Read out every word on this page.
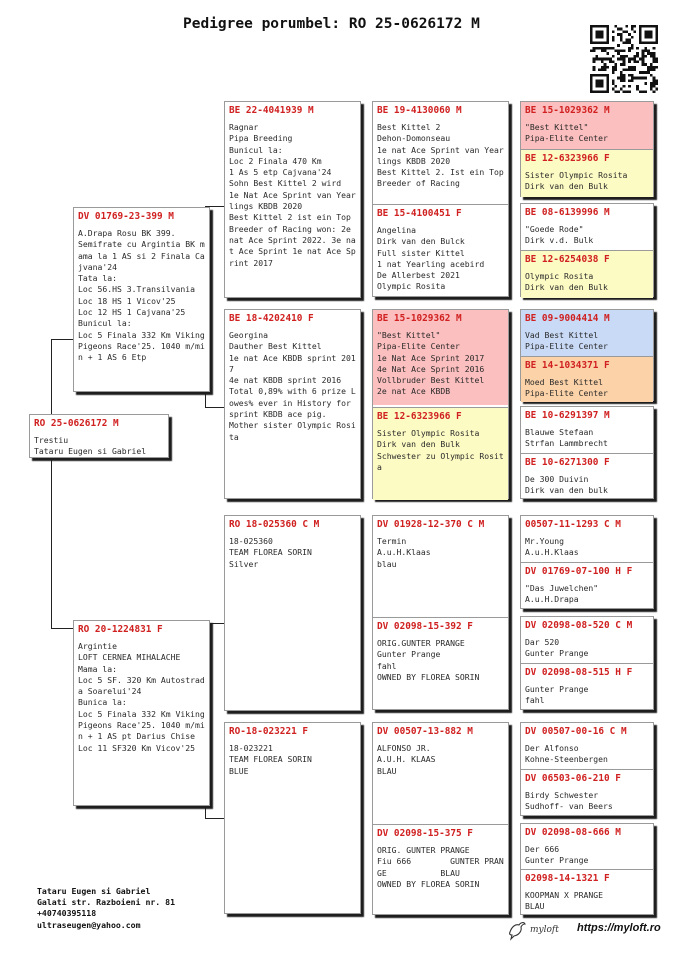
Pedigree porumbel: RO 25-0626172 M
RO 25-0626172 M
Trestiu
Tataru Eugen si Gabriel
DV 01769-23-399 M
A.Drapa Rosu BK 399.
Semifrate cu Argintia BK mama la 1 AS si 2 Finala Cajvana'24
Tata la:
Loc 56.HS 3.Transilvania
Loc 18 HS 1 Vicov'25
Loc 12 HS 1 Cajvana'25
Bunicul la:
Loc 5 Finala 332 Km Viking Pigeons Race'25. 1040 m/min + 1 AS 6 Etp
RO 20-1224831 F
Argintie
LOFT CERNEA MIHALACHE
Mama la:
Loc 5 SF. 320 Km Autostrada Soarelui'24
Bunica la:
Loc 5 Finala 332 Km Viking Pigeons Race'25. 1040 m/min + 1 AS pt Darius Chise
Loc 11 SF320 Km Vicov'25
BE 22-4041939 M
Ragnar
Pipa Breeding
Bunicul la:
Loc 2 Finala 470 Km
1 As 5 etp Cajvana'24
Sohn Best Kittel 2 wird
1e Nat Ace Sprint van Yearlings KBDB 2020
Best Kittel 2 ist ein Top Breeder of Racing won: 2e nat Ace Sprint 2022. 3e nat Ace Sprint 1e nat Ace Sprint 2017
BE 18-4202410 F
Georgina
Dauther Best Kittel
1e nat Ace KBDB sprint 2017
4e nat KBDB sprint 2016
Total 0,89% with 6 prize Lowes% ever in History for sprint KBDB ace pig.
Mother sister Olympic Rosita
RO 18-025360 C M
18-025360
TEAM FLOREA SORIN
Silver
RO-18-023221 F
18-023221
TEAM FLOREA SORIN
BLUE
BE 19-4130060 M
Best Kittel 2
Dehon-Domonseau
1e nat Ace Sprint van Yearlings KBDB 2020
Best Kittel 2. Ist ein Top Breeder of Racing
BE 15-4100451 F
Angelina
Dirk van den Bulck
Full sister Kittel
1 nat Yearling acebird
De Allerbest 2021
Olympic Rosita
BE 15-1029362 M
"Best Kittel"
Pipa-Elite Center
1e Nat Ace Sprint 2017
4e Nat Ace Sprint 2016
Vollbruder Best Kittel
2e nat Ace KBDB
BE 12-6323966 F
Sister Olympic Rosita
Dirk van den Bulk
Schwester zu Olympic Rosita
DV 01928-12-370 C M
Termin
A.u.H.Klaas
blau
DV 02098-15-392 F
ORIG.GUNTER PRANGE
Gunter Prange
fahl
OWNED BY FLOREA SORIN
DV 00507-13-882 M
ALFONSO JR.
A.U.H. KLAAS
BLAU
DV 02098-15-375 F
ORIG. GUNTER PRANGE
Fiu 666        GUNTER PRANGE           BLAU
OWNED BY FLOREA SORIN
BE 15-1029362 M
"Best Kittel"
Pipa-Elite Center
BE 12-6323966 F
Sister Olympic Rosita
Dirk van den Bulk
BE 08-6139996 M
"Goede Rode"
Dirk v.d. Bulk
BE 12-6254038 F
Olympic Rosita
Dirk van den Bulk
BE 09-9004414 M
Vad Best Kittel
Pipa-Elite Center
BE 14-1034371 F
Moed Best Kittel
Pipa-Elite Center
BE 10-6291397 M
Blauwe Stefaan
Strfan Lammbrecht
BE 10-6271300 F
De 300 Duivin
Dirk van den bulk
00507-11-1293 C M
Mr.Young
A.u.H.Klaas
DV 01769-07-100 H F
"Das Juwelchen"
A.u.H.Drapa
DV 02098-08-520 C M
Dar 520
Gunter Prange
DV 02098-08-515 H F
Gunter Prange
fahl
DV 00507-00-16 C M
Der Alfonso
Kohne-Steenbergen
DV 06503-06-210 F
Birdy Schwester
Sudhoff- van Beers
DV 02098-08-666 M
Der 666
Gunter Prange
02098-14-1321 F
KOOPMAN X PRANGE
BLAU
Tataru Eugen si Gabriel
Galati str. Razboieni nr. 81
+40740395118
ultraseugen@yahoo.com
myloft https://myloft.ro
